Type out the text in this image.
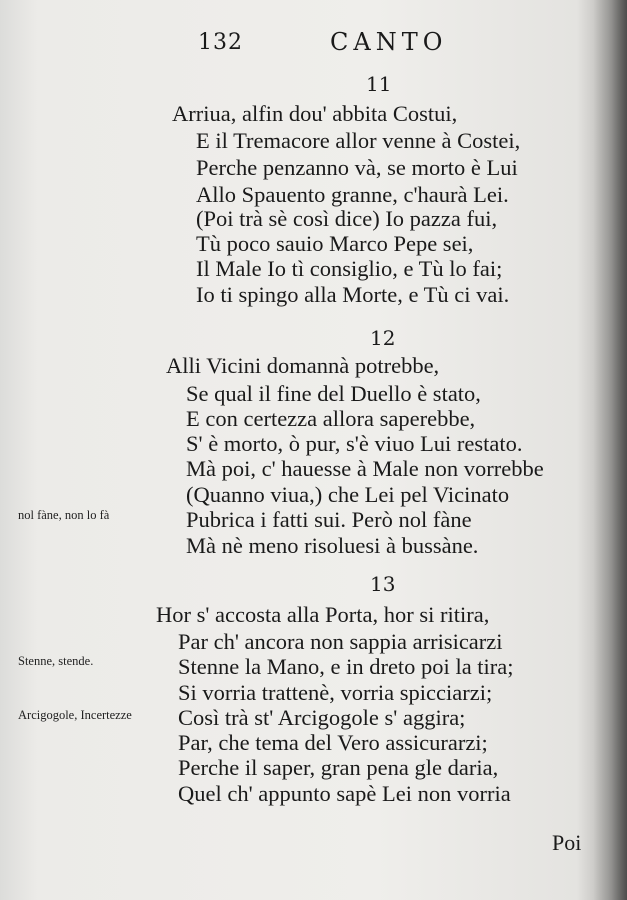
132	CANTO
11
Arriua, alfin dou' abbita Costui,
E il Tremacore allor venne à Costei,
Perche penzanno và, se morto è Lui
Allo Spauento granne, c'haurà Lei.
(Poi trà sè così dice) Io pazza fui,
Tù poco sauio Marco Pepe sei,
Il Male Io tì consiglio, e Tù lo fai;
Io ti spingo alla Morte, e Tù ci vai.
12
Alli Vicini domannà potrebbe,
Se qual il fine del Duello è stato,
E con certezza allora saperebbe,
S' è morto, ò pur, s'è viuo Lui restato.
Mà poi, c' hauesse à Male non vorrebbe
(Quanno viua,) che Lei pel Vicinato
Pubrica i fatti sui. Però nol fàne
Mà nè meno risoluesi à bussàne.
13
Hor s' accosta alla Porta, hor si ritira,
Par ch' ancora non sappia arrisicarzi
Stenne la Mano, e in dreto poi la tira;
Si vorria trattenè, vorria spicciarzi;
Così trà st' Arcigogole s' aggira;
Par, che tema del Vero assicurarzi;
Perche il saper, gran pena gle daria,
Quel ch' appunto sapè Lei non vorria
nol fàne, non lo fà
Stenne, stende.
Arcigogole, Incertezze
Poi
